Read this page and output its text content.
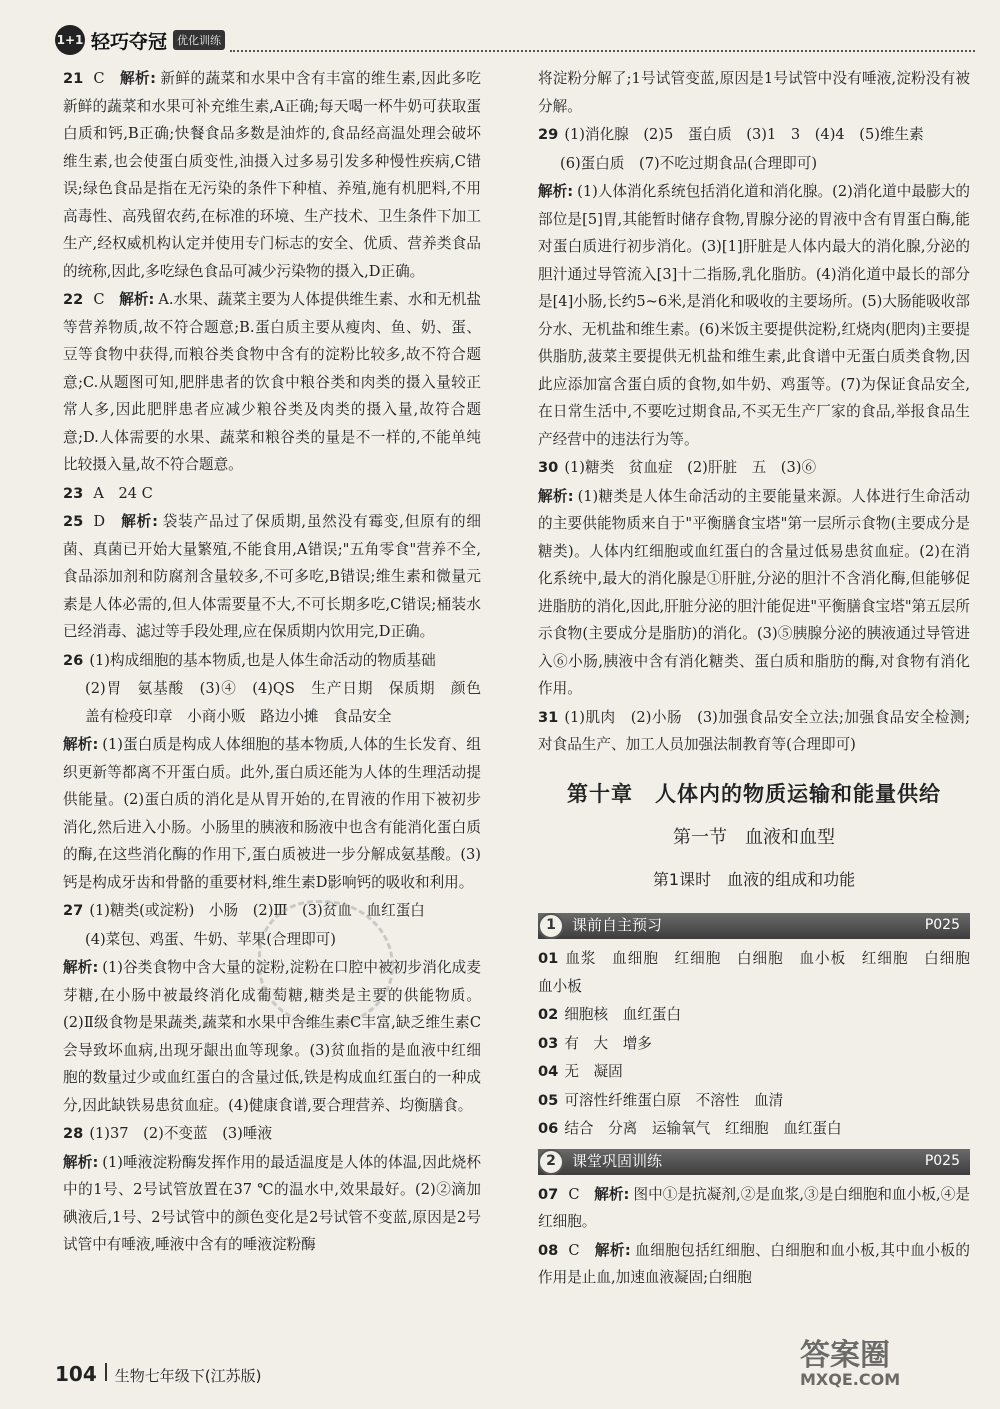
1+1 轻巧夺冠 优化训练
21 C　 解析: 新鲜的蔬菜和水果中含有丰富的维生素,因此多吃新鲜的蔬菜和水果可补充维生素,A正确;每天喝一杯牛奶可获取蛋白质和钙,B正确;快餐食品多数是油炸的,食品经高温处理会破坏维生素,也会使蛋白质变性,油摄入过多易引发多种慢性疾病,C错误;绿色食品是指在无污染的条件下种植、养殖,施有机肥料,不用高毒性、高残留农药,在标准的环境、生产技术、卫生条件下加工生产,经权威机构认定并使用专门标志的安全、优质、营养类食品的统称,因此,多吃绿色食品可减少污染物的摄入,D正确。
22 C　 解析: A.水果、蔬菜主要为人体提供维生素、水和无机盐等营养物质,故不符合题意;B.蛋白质主要从瘦肉、鱼、奶、蛋、豆等食物中获得,而粮谷类食物中含有的淀粉比较多,故不符合题意;C.从题图可知,肥胖患者的饮食中粮谷类和肉类的摄入量较正常人多,因此肥胖患者应减少粮谷类及肉类的摄入量,故符合题意;D.人体需要的水果、蔬菜和粮谷类的量是不一样的,不能单纯比较摄入量,故不符合题意。
23 A　 24 C
25 D　 解析: 袋装产品过了保质期,虽然没有霉变,但原有的细菌、真菌已开始大量繁殖,不能食用,A错误;"五角零食"营养不全,食品添加剂和防腐剂含量较多,不可多吃,B错误;维生素和微量元素是人体必需的,但人体需要量不大,不可长期多吃,C错误;桶装水已经消毒、滤过等手段处理,应在保质期内饮用完,D正确。
26 (1)构成细胞的基本物质,也是人体生命活动的物质基础
(2)胃　氨基酸　(3)④　(4)QS　生产日期　保质期　颜色　盖有检疫印章　小商小贩　路边小摊　食品安全
解析: (1)蛋白质是构成人体细胞的基本物质,人体的生长发育、组织更新等都离不开蛋白质。此外,蛋白质还能为人体的生理活动提供能量。(2)蛋白质的消化是从胃开始的,在胃液的作用下被初步消化,然后进入小肠。小肠里的胰液和肠液中也含有能消化蛋白质的酶,在这些消化酶的作用下,蛋白质被进一步分解成氨基酸。(3)钙是构成牙齿和骨骼的重要材料,维生素D影响钙的吸收和利用。
27 (1)糖类(或淀粉)　小肠　(2)Ⅲ　(3)贫血　血红蛋白
(4)菜包、鸡蛋、牛奶、苹果(合理即可)
解析: (1)谷类食物中含大量的淀粉,淀粉在口腔中被初步消化成麦芽糖,在小肠中被最终消化成葡萄糖,糖类是主要的供能物质。(2)Ⅱ级食物是果蔬类,蔬菜和水果中含维生素C丰富,缺乏维生素C会导致坏血病,出现牙龈出血等现象。(3)贫血指的是血液中红细胞的数量过少或血红蛋白的含量过低,铁是构成血红蛋白的一种成分,因此缺铁易患贫血症。(4)健康食谱,要合理营养、均衡膳食。
28 (1)37　(2)不变蓝　(3)唾液
解析: (1)唾液淀粉酶发挥作用的最适温度是人体的体温,因此烧杯中的1号、2号试管放置在37 ℃的温水中,效果最好。(2)②滴加碘液后,1号、2号试管中的颜色变化是2号试管不变蓝,原因是2号试管中有唾液,唾液中含有的唾液淀粉酶
将淀粉分解了;1号试管变蓝,原因是1号试管中没有唾液,淀粉没有被分解。
29 (1)消化腺　(2)5　蛋白质　(3)1　3　(4)4　(5)维生素
(6)蛋白质　(7)不吃过期食品(合理即可)
解析: (1)人体消化系统包括消化道和消化腺。(2)消化道中最膨大的部位是[5]胃,其能暂时储存食物,胃腺分泌的胃液中含有胃蛋白酶,能对蛋白质进行初步消化。(3)[1]肝脏是人体内最大的消化腺,分泌的胆汁通过导管流入[3]十二指肠,乳化脂肪。(4)消化道中最长的部分是[4]小肠,长约5~6米,是消化和吸收的主要场所。(5)大肠能吸收部分水、无机盐和维生素。(6)米饭主要提供淀粉,红烧肉(肥肉)主要提供脂肪,菠菜主要提供无机盐和维生素,此食谱中无蛋白质类食物,因此应添加富含蛋白质的食物,如牛奶、鸡蛋等。(7)为保证食品安全,在日常生活中,不要吃过期食品,不买无生产厂家的食品,举报食品生产经营中的违法行为等。
30 (1)糖类　贫血症　(2)肝脏　五　(3)⑥
解析: (1)糖类是人体生命活动的主要能量来源。人体进行生命活动的主要供能物质来自于"平衡膳食宝塔"第一层所示食物(主要成分是糖类)。人体内红细胞或血红蛋白的含量过低易患贫血症。(2)在消化系统中,最大的消化腺是①肝脏,分泌的胆汁不含消化酶,但能够促进脂肪的消化,因此,肝脏分泌的胆汁能促进"平衡膳食宝塔"第五层所示食物(主要成分是脂肪)的消化。(3)⑤胰腺分泌的胰液通过导管进入⑥小肠,胰液中含有消化糖类、蛋白质和脂肪的酶,对食物有消化作用。
31 (1)肌肉　(2)小肠　(3)加强食品安全立法;加强食品安全检测;对食品生产、加工人员加强法制教育等(合理即可)
第十章　人体内的物质运输和能量供给
第一节　血液和血型
第1课时　血液的组成和功能
1	课前自主预习	P025
01 血浆　血细胞　红细胞　白细胞　血小板　红细胞　白细胞　血小板
02 细胞核　血红蛋白
03 有　大　增多
04 无　凝固
05 可溶性纤维蛋白原　不溶性　血清
06 结合　分离　运输氧气　红细胞　血红蛋白
2	课堂巩固训练	P025
07 C　 解析: 图中①是抗凝剂,②是血浆,③是白细胞和血小板,④是红细胞。
08 C　 解析: 血细胞包括红细胞、白细胞和血小板,其中血小板的作用是止血,加速血液凝固;白细胞
104 生物七年级下(江苏版)
答案圈
MXQE.COM
